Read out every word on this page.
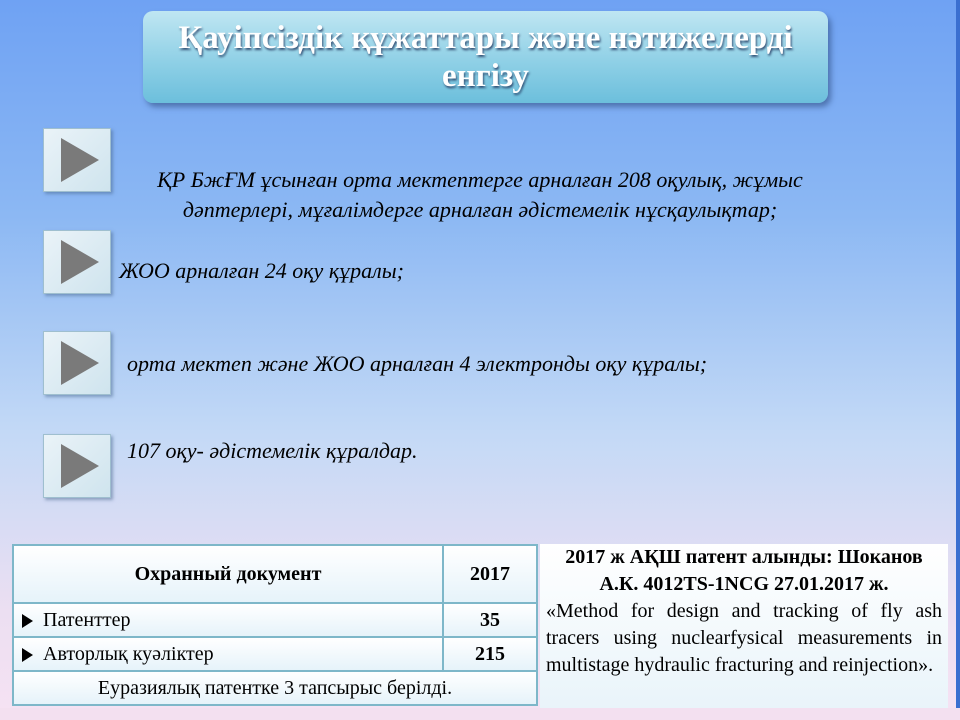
Қауіпсіздік құжаттары және нәтижелерді енгізу
ҚР БжҒМ ұсынған орта мектептерге арналған 208 оқулық, жұмыс
дәптерлері, мұғалімдерге арналған әдістемелік нұсқаулықтар;
ЖОО арналған 24 оқу құралы;
орта мектеп және ЖОО арналған 4 электронды оқу құралы;
107 оқу- әдістемелік құралдар.
Охранный документ	2017
Патенттер	35
Авторлық куәліктер	215
Еуразиялық патентке 3 тапсырыс берілді.	
2017 ж АҚШ патент алынды: Шоканов
А.К. 4012TS-1NCG 27.01.2017 ж.
«Method for design and tracking of fly ash tracers using nuclearfysical measurements in multistage hydraulic fracturing and reinjection».
